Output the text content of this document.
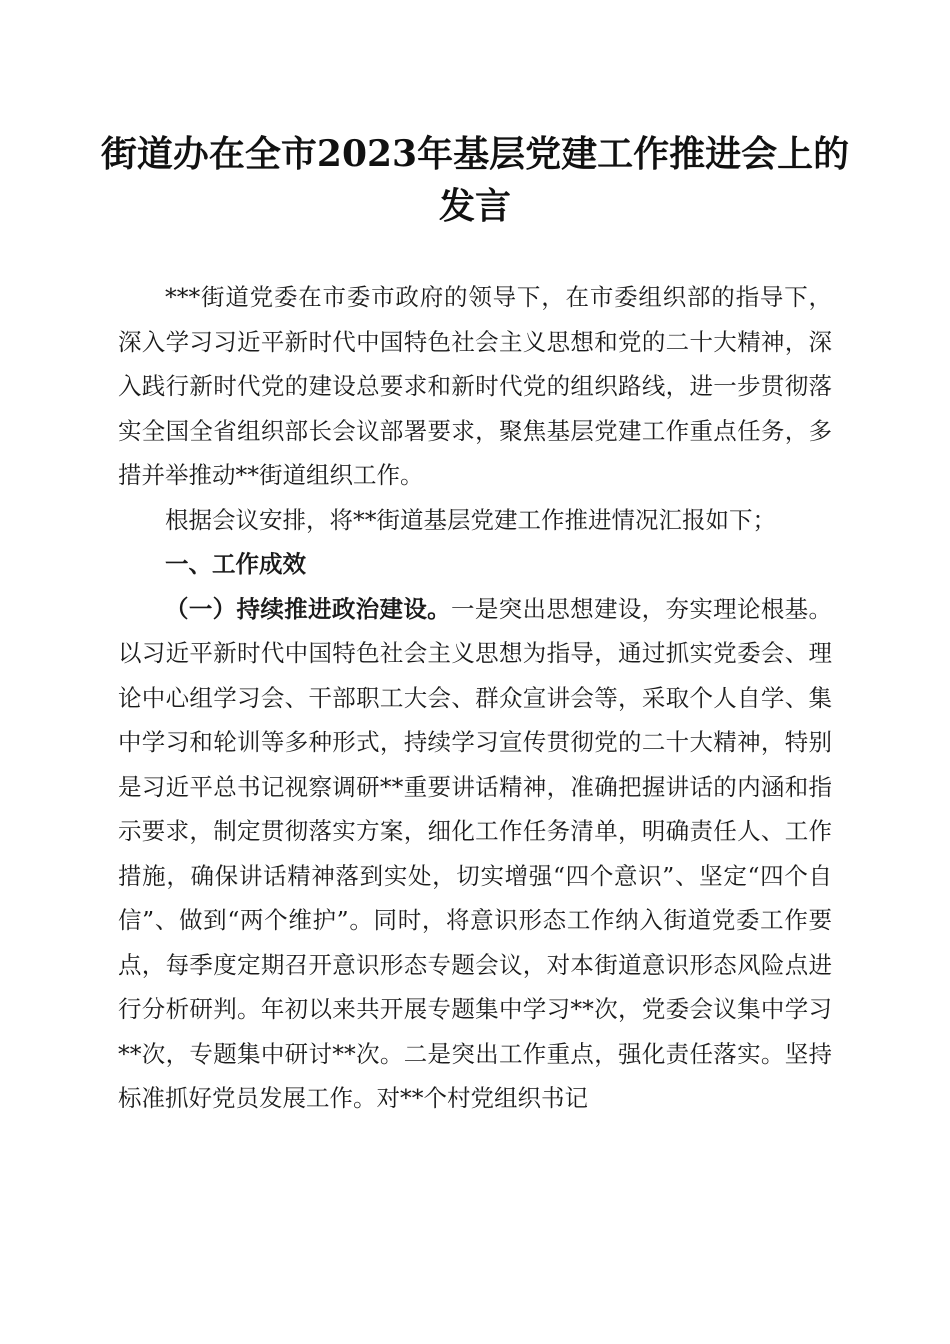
街道办在全市2023年基层党建工作推进会上的发言

***街道党委在市委市政府的领导下，在市委组织部的指导下，深入学习习近平新时代中国特色社会主义思想和党的二十大精神，深入践行新时代党的建设总要求和新时代党的组织路线，进一步贯彻落实全国全省组织部长会议部署要求，聚焦基层党建工作重点任务，多措并举推动**街道组织工作。

根据会议安排，将**街道基层党建工作推进情况汇报如下；

一、工作成效

（一）持续推进政治建设。一是突出思想建设，夯实理论根基。以习近平新时代中国特色社会主义思想为指导，通过抓实党委会、理论中心组学习会、干部职工大会、群众宣讲会等，采取个人自学、集中学习和轮训等多种形式，持续学习宣传贯彻党的二十大精神，特别是习近平总书记视察调研**重要讲话精神，准确把握讲话的内涵和指示要求，制定贯彻落实方案，细化工作任务清单，明确责任人、工作措施，确保讲话精神落到实处，切实增强“四个意识”、坚定“四个自信”、做到“两个维护”。同时，将意识形态工作纳入街道党委工作要点，每季度定期召开意识形态专题会议，对本街道意识形态风险点进行分析研判。年初以来共开展专题集中学习**次，党委会议集中学习**次，专题集中研讨**次。二是突出工作重点，强化责任落实。坚持标准抓好党员发展工作。对**个村党组织书记
